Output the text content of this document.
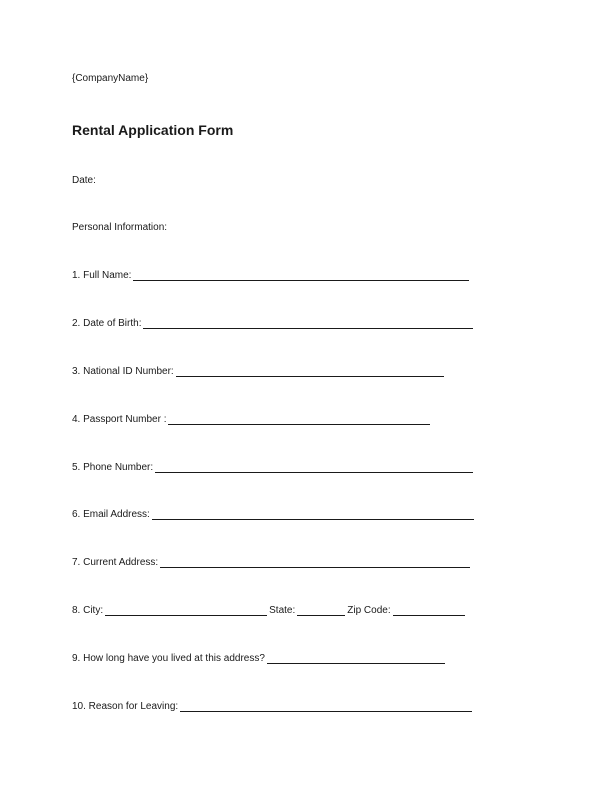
{CompanyName}
Rental Application Form
Date:
Personal Information:
1. Full Name:
2. Date of Birth:
3. National ID Number:
4. Passport Number :
5. Phone Number:
6. Email Address:
7. Current Address:
8. City:	State:	Zip Code:
9. How long have you lived at this address?
10. Reason for Leaving:
